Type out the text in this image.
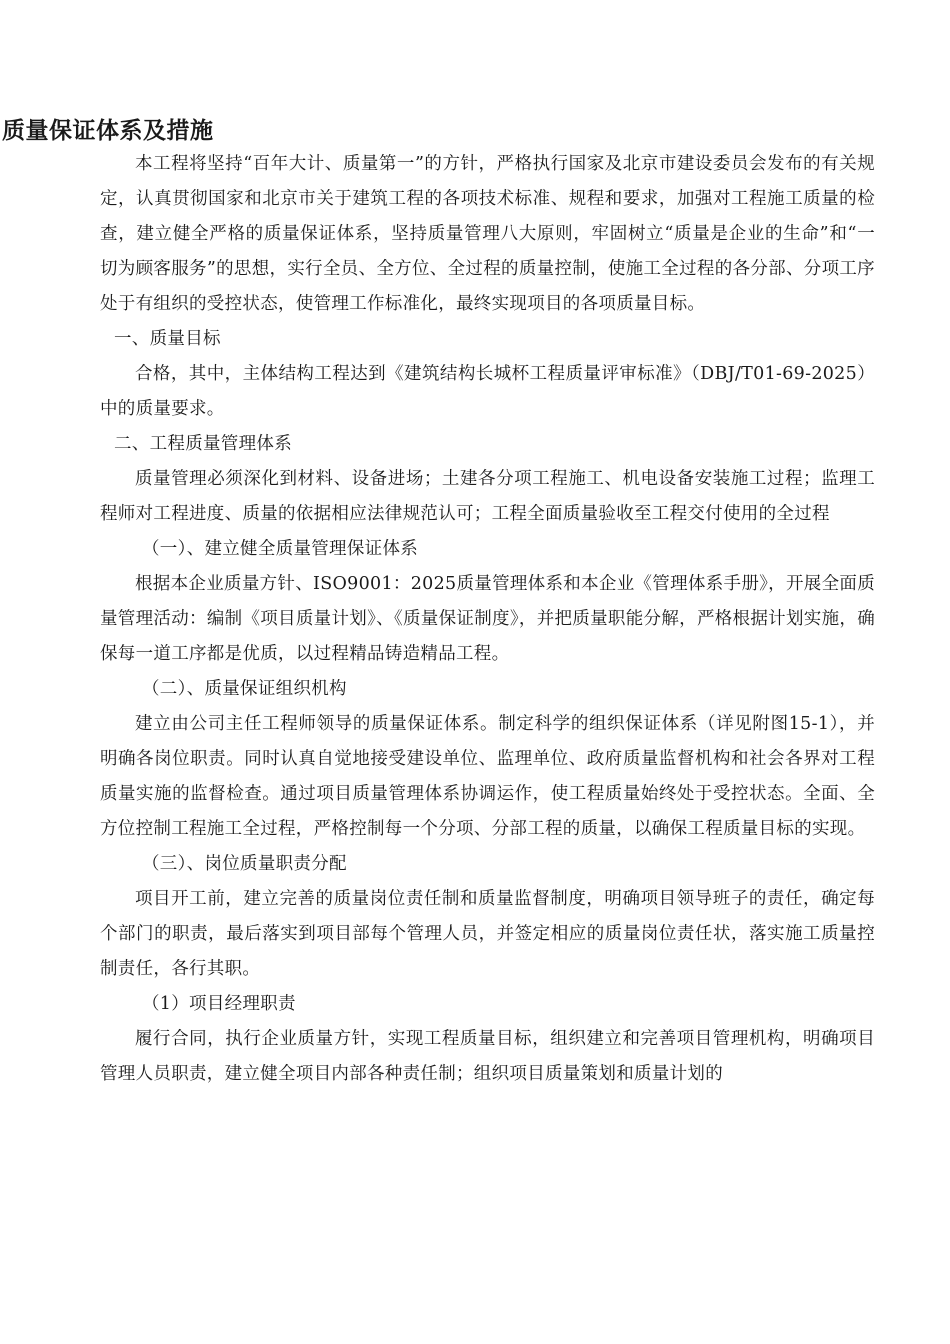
质量保证体系及措施

本工程将坚持“百年大计、质量第一”的方针，严格执行国家及北京市建设委员会发布的有关规定，认真贯彻国家和北京市关于建筑工程的各项技术标准、规程和要求，加强对工程施工质量的检查，建立健全严格的质量保证体系，坚持质量管理八大原则，牢固树立“质量是企业的生命”和“一切为顾客服务”的思想，实行全员、全方位、全过程的质量控制，使施工全过程的各分部、分项工序处于有组织的受控状态，使管理工作标准化，最终实现项目的各项质量目标。

一、质量目标

合格，其中，主体结构工程达到《建筑结构长城杯工程质量评审标准》（DBJ/T01-69-2025）中的质量要求。

二、工程质量管理体系

质量管理必须深化到材料、设备进场；土建各分项工程施工、机电设备安装施工过程；监理工程师对工程进度、质量的依据相应法律规范认可；工程全面质量验收至工程交付使用的全过程

（一）、建立健全质量管理保证体系

根据本企业质量方针、ISO9001：2025质量管理体系和本企业《管理体系手册》，开展全面质量管理活动：编制《项目质量计划》、《质量保证制度》，并把质量职能分解，严格根据计划实施，确保每一道工序都是优质，以过程精品铸造精品工程。

（二）、质量保证组织机构

建立由公司主任工程师领导的质量保证体系。制定科学的组织保证体系（详见附图15-1），并明确各岗位职责。同时认真自觉地接受建设单位、监理单位、政府质量监督机构和社会各界对工程质量实施的监督检查。通过项目质量管理体系协调运作，使工程质量始终处于受控状态。全面、全方位控制工程施工全过程，严格控制每一个分项、分部工程的质量，以确保工程质量目标的实现。

（三）、岗位质量职责分配

项目开工前，建立完善的质量岗位责任制和质量监督制度，明确项目领导班子的责任，确定每个部门的职责，最后落实到项目部每个管理人员，并签定相应的质量岗位责任状，落实施工质量控制责任，各行其职。

（1）项目经理职责

履行合同，执行企业质量方针，实现工程质量目标，组织建立和完善项目管理机构，明确项目管理人员职责，建立健全项目内部各种责任制；组织项目质量策划和质量计划的
